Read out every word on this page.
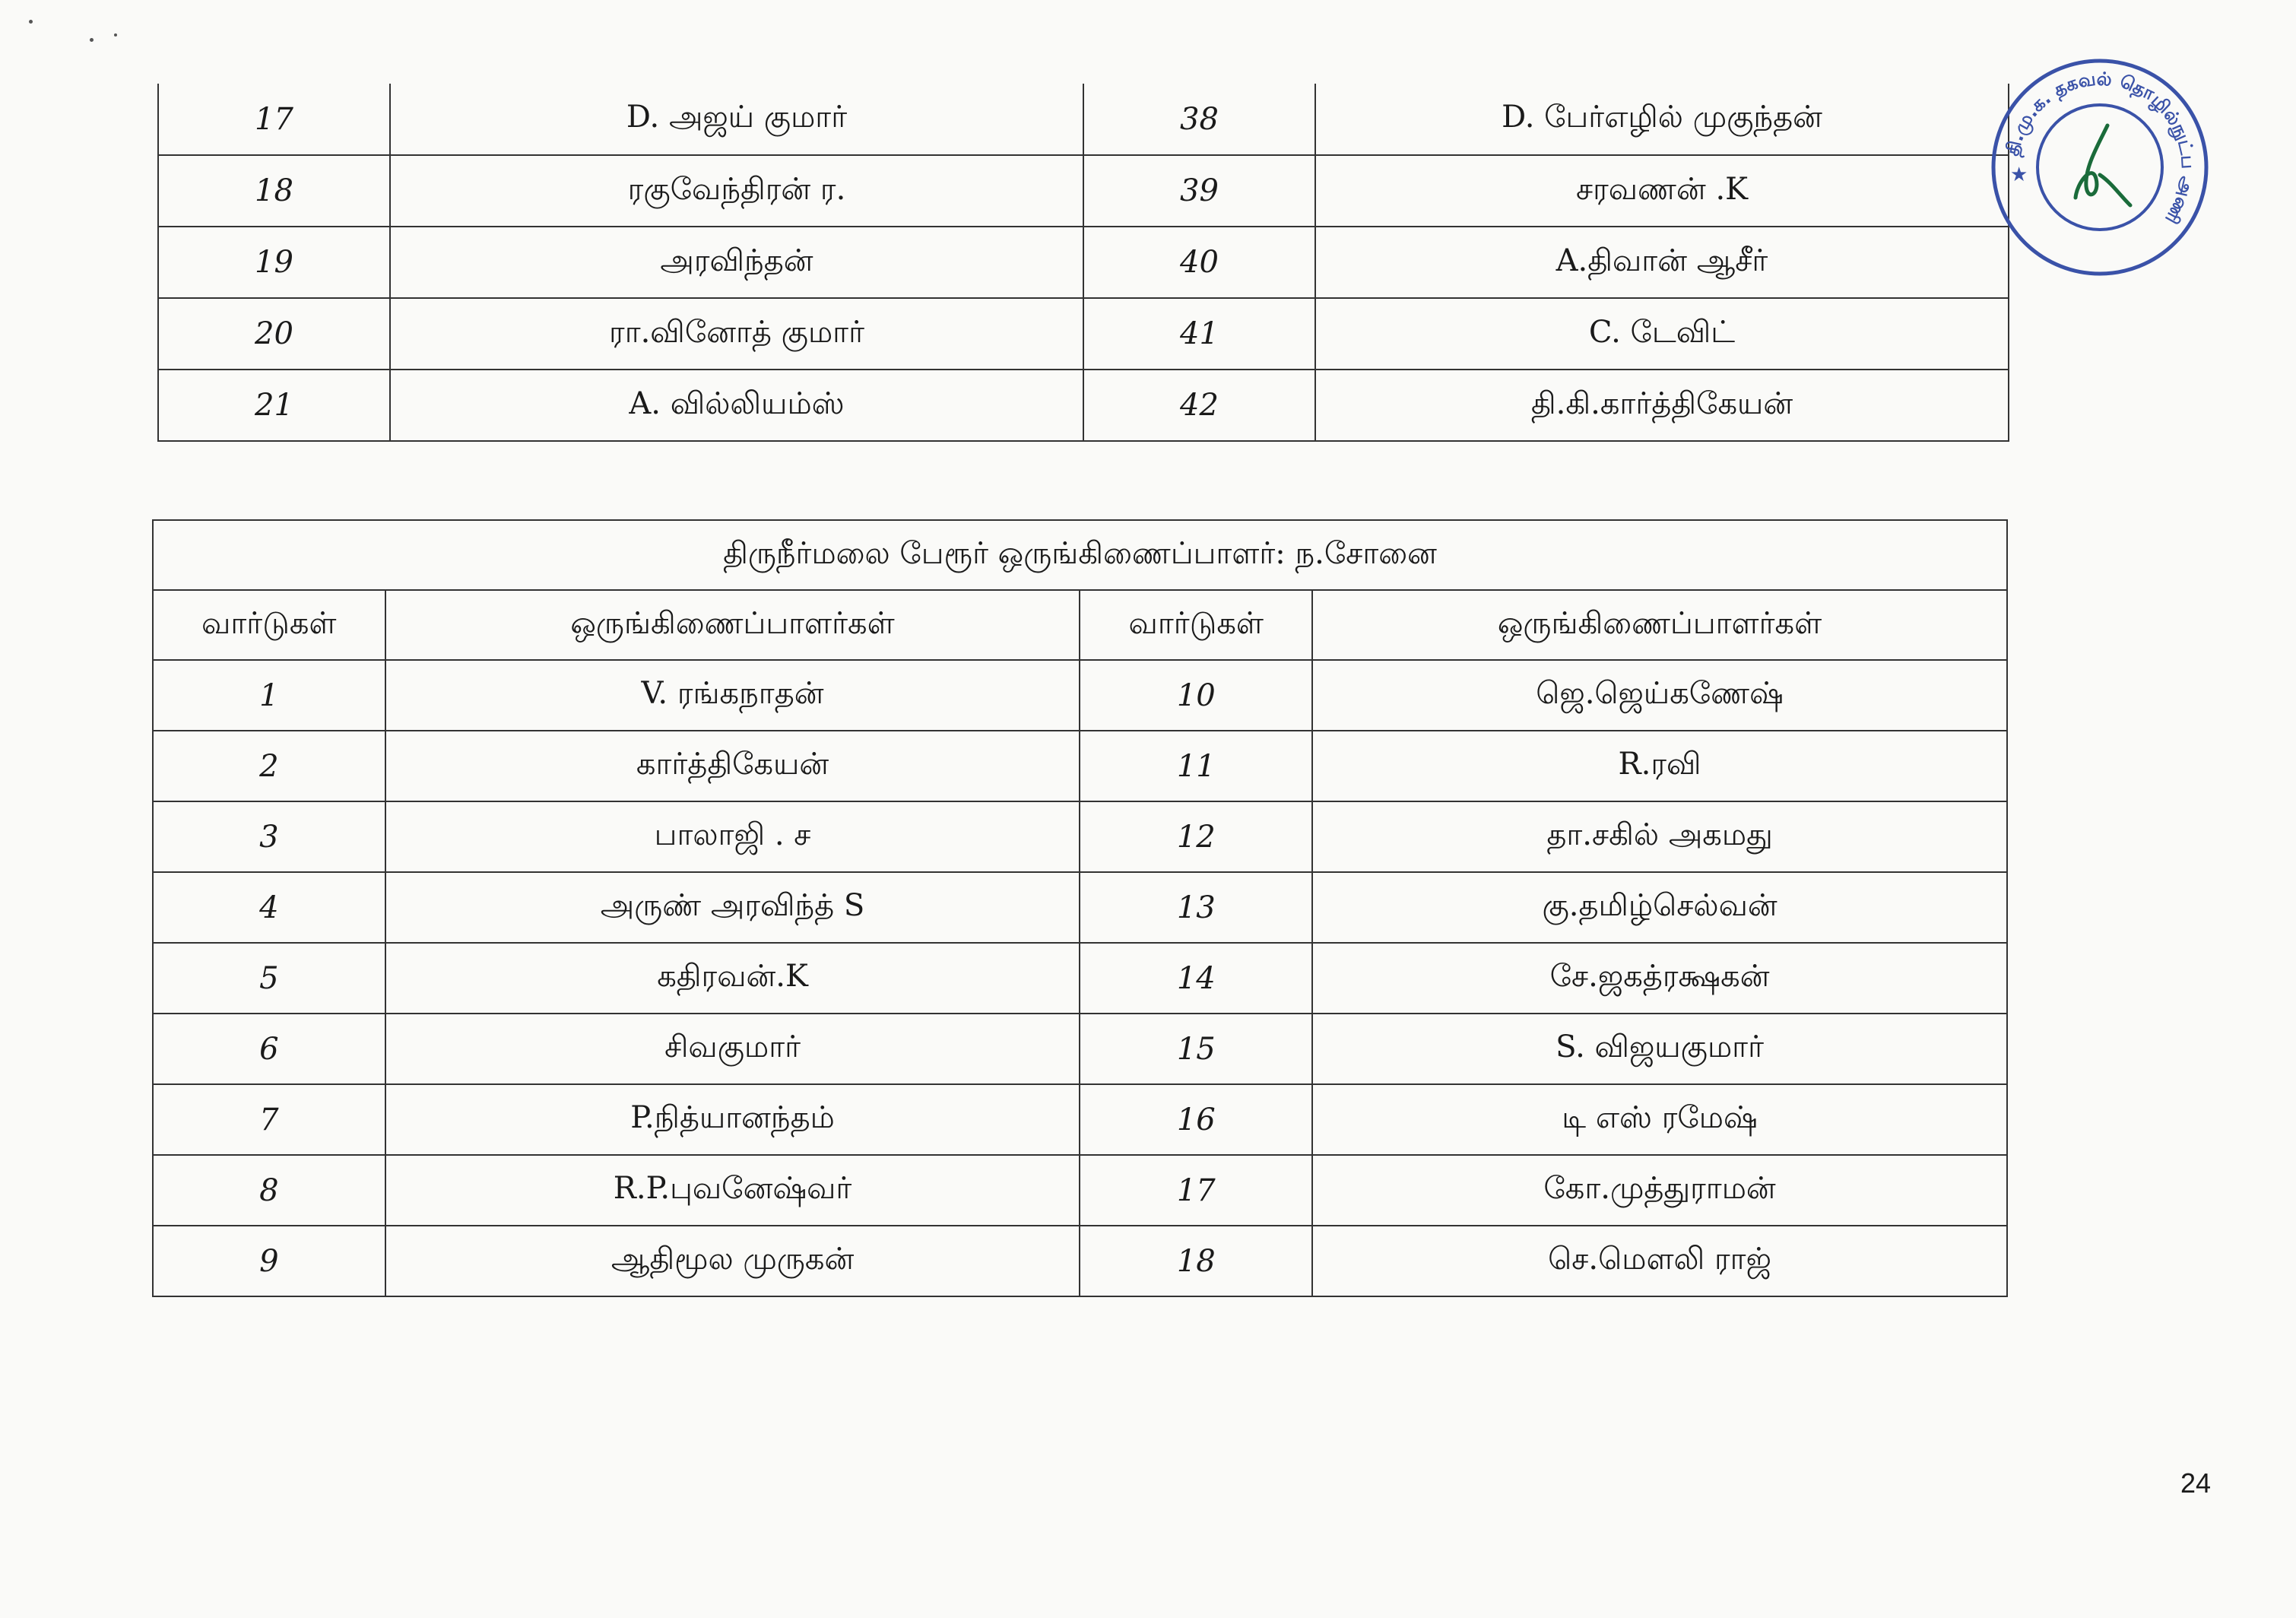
17	D. அஜய் குமார்	38	D. பேர்எழில் முகுந்தன்
18	ரகுவேந்திரன் ர.	39	சரவணன் .K
19	அரவிந்தன்	40	A.திவான் ஆசீர்
20	ரா.வினோத் குமார்	41	C. டேவிட்
21	A. வில்லியம்ஸ்	42	தி.கி.கார்த்திகேயன்
திருநீர்மலை பேரூர் ஒருங்கிணைப்பாளர்: ந.சோனை			
வார்டுகள்	ஒருங்கிணைப்பாளர்கள்	வார்டுகள்	ஒருங்கிணைப்பாளர்கள்
1	V. ரங்கநாதன்	10	ஜெ.ஜெய்கணேஷ்
2	கார்த்திகேயன்	11	R.ரவி
3	பாலாஜி . ச	12	தா.சகில் அகமது
4	அருண் அரவிந்த் S	13	கு.தமிழ்செல்வன்
5	கதிரவன்.K	14	சே.ஜகத்ரக்ஷகன்
6	சிவகுமார்	15	S. விஜயகுமார்
7	P.நித்யானந்தம்	16	டி எஸ் ரமேஷ்
8	R.P.புவனேஷ்வர்	17	கோ.முத்துராமன்
9	ஆதிமூல முருகன்	18	செ.மௌலி ராஜ்
தி.மு.க. தகவல் தொழில்நுட்ப அணி
★
24
